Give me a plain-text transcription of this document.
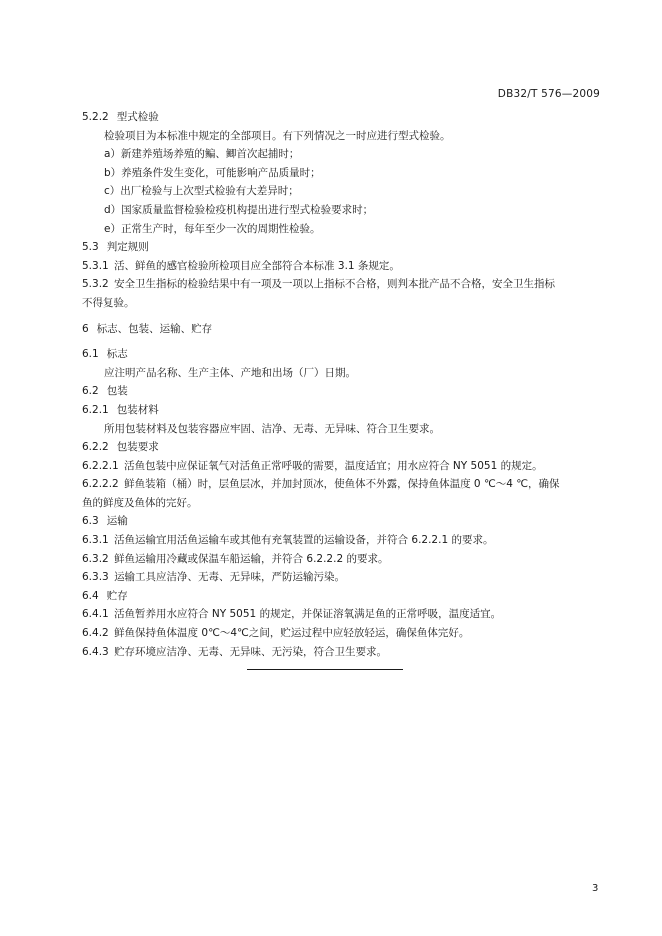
DB32/T 576—2009
5.2.2 型式检验
检验项目为本标准中规定的全部项目。有下列情况之一时应进行型式检验。
a）新建养殖场养殖的鳊、鲫首次起捕时；
b）养殖条件发生变化，可能影响产品质量时；
c）出厂检验与上次型式检验有大差异时；
d）国家质量监督检验检疫机构提出进行型式检验要求时；
e）正常生产时，每年至少一次的周期性检验。
5.3 判定规则
5.3.1 活、鲜鱼的感官检验所检项目应全部符合本标准 3.1 条规定。
5.3.2 安全卫生指标的检验结果中有一项及一项以上指标不合格，则判本批产品不合格，安全卫生指标
不得复验。
6 标志、包装、运输、贮存
6.1 标志
应注明产品名称、生产主体、产地和出场（厂）日期。
6.2 包装
6.2.1 包装材料
所用包装材料及包装容器应牢固、洁净、无毒、无异味、符合卫生要求。
6.2.2 包装要求
6.2.2.1 活鱼包装中应保证氧气对活鱼正常呼吸的需要，温度适宜；用水应符合 NY 5051 的规定。
6.2.2.2 鲜鱼装箱（桶）时，层鱼层冰，并加封顶冰，使鱼体不外露，保持鱼体温度 0 ℃～4 ℃，确保
鱼的鲜度及鱼体的完好。
6.3 运输
6.3.1 活鱼运输宜用活鱼运输车或其他有充氧装置的运输设备，并符合 6.2.2.1 的要求。
6.3.2 鲜鱼运输用冷藏或保温车船运输，并符合 6.2.2.2 的要求。
6.3.3 运输工具应洁净、无毒、无异味，严防运输污染。
6.4 贮存
6.4.1 活鱼暂养用水应符合 NY 5051 的规定，并保证溶氧满足鱼的正常呼吸，温度适宜。
6.4.2 鲜鱼保持鱼体温度 0℃～4℃之间，贮运过程中应轻放轻运，确保鱼体完好。
6.4.3 贮存环境应洁净、无毒、无异味、无污染，符合卫生要求。
3
